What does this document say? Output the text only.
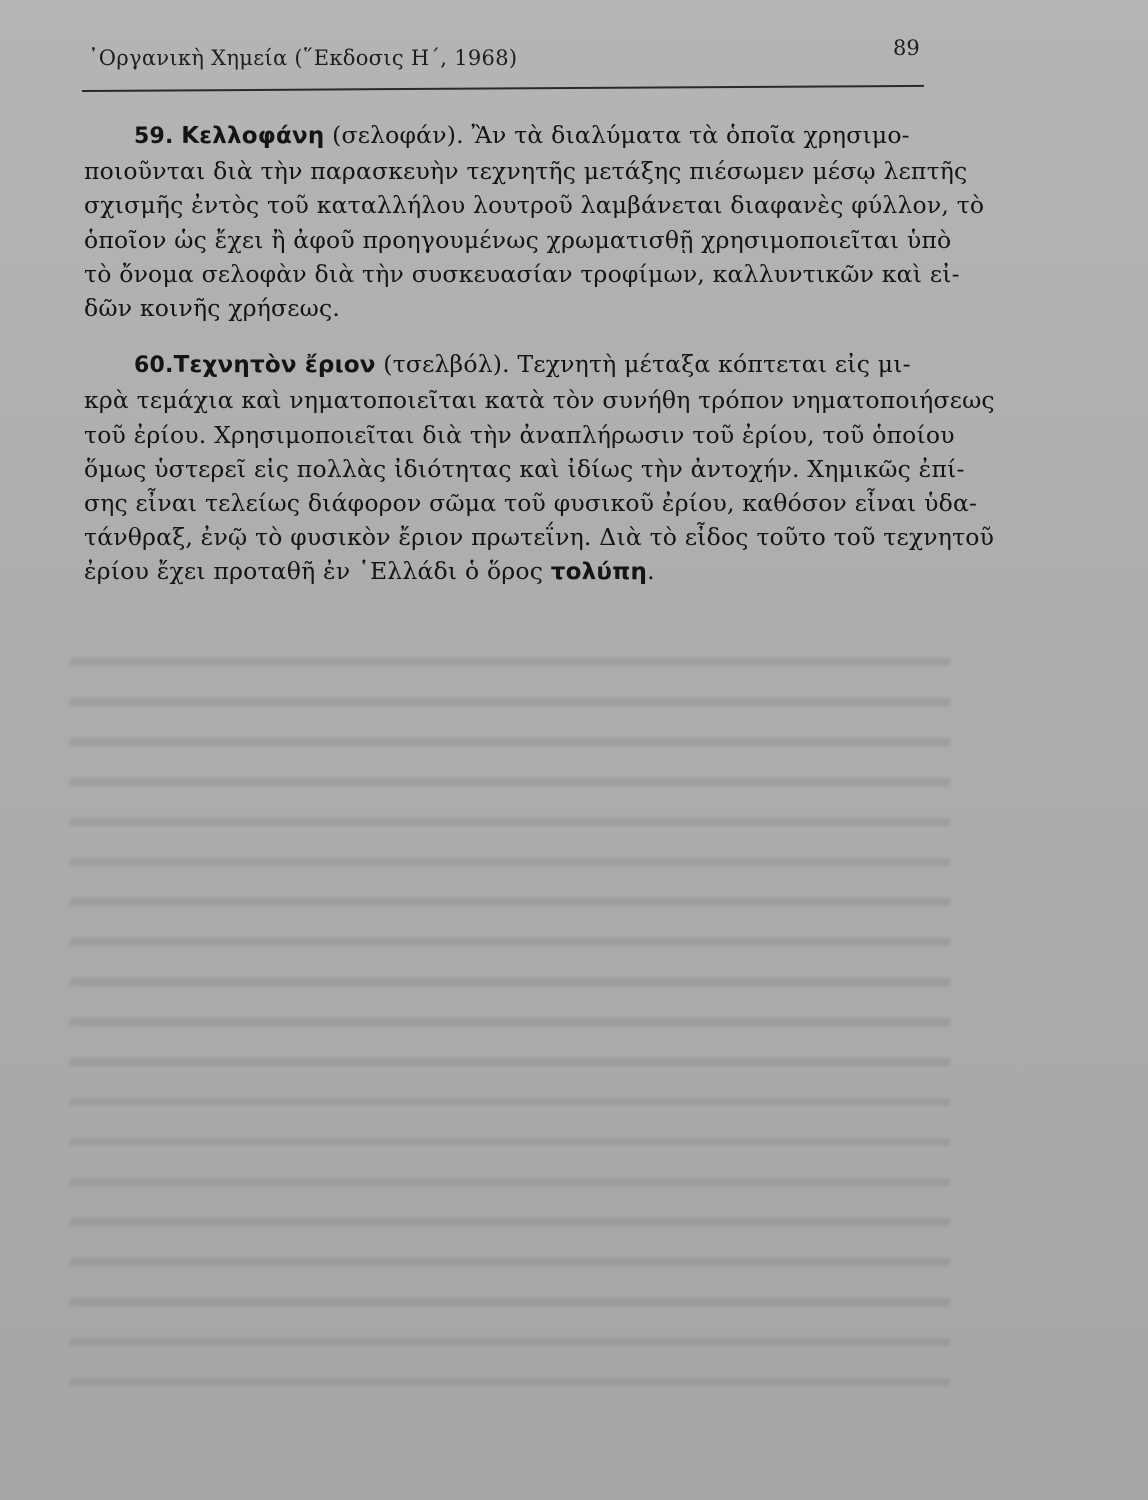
᾿Οργανικὴ Χημεία (῞Εκδοσις Η΄, 1968)	89
59. Κελλοφάνη (σελοφάν). Ἂν τὰ διαλύματα τὰ ὁποῖα χρησιμο-
ποιοῦνται διὰ τὴν παρασκευὴν τεχνητῆς μετάξης πιέσωμεν μέσῳ λεπτῆς
σχισμῆς ἐντὸς τοῦ καταλλήλου λουτροῦ λαμβάνεται διαφανὲς φύλλον, τὸ
ὁποῖον ὡς ἔχει ἢ ἀφοῦ προηγουμένως χρωματισθῇ χρησιμοποιεῖται ὑπὸ
τὸ ὄνομα σελοφὰν διὰ τὴν συσκευασίαν τροφίμων, καλλυντικῶν καὶ εἰ-
δῶν κοινῆς χρήσεως.
60.Τεχνητὸν ἔριον (τσελβόλ). Τεχνητὴ μέταξα κόπτεται εἰς μι-
κρὰ τεμάχια καὶ νηματοποιεῖται κατὰ τὸν συνήθη τρόπον νηματοποιήσεως
τοῦ ἐρίου. Χρησιμοποιεῖται διὰ τὴν ἀναπλήρωσιν τοῦ ἐρίου, τοῦ ὁποίου
ὅμως ὑστερεῖ εἰς πολλὰς ἰδιότητας καὶ ἰδίως τὴν ἀντοχήν. Χημικῶς ἐπί-
σης εἶναι τελείως διάφορον σῶμα τοῦ φυσικοῦ ἐρίου, καθόσον εἶναι ὑδα-
τάνθραξ, ἐνῷ τὸ φυσικὸν ἔριον πρωτεΐνη. Διὰ τὸ εἶδος τοῦτο τοῦ τεχνητοῦ
ἐρίου ἔχει προταθῆ ἐν ῾Ελλάδι ὁ ὅρος τολύπη.
